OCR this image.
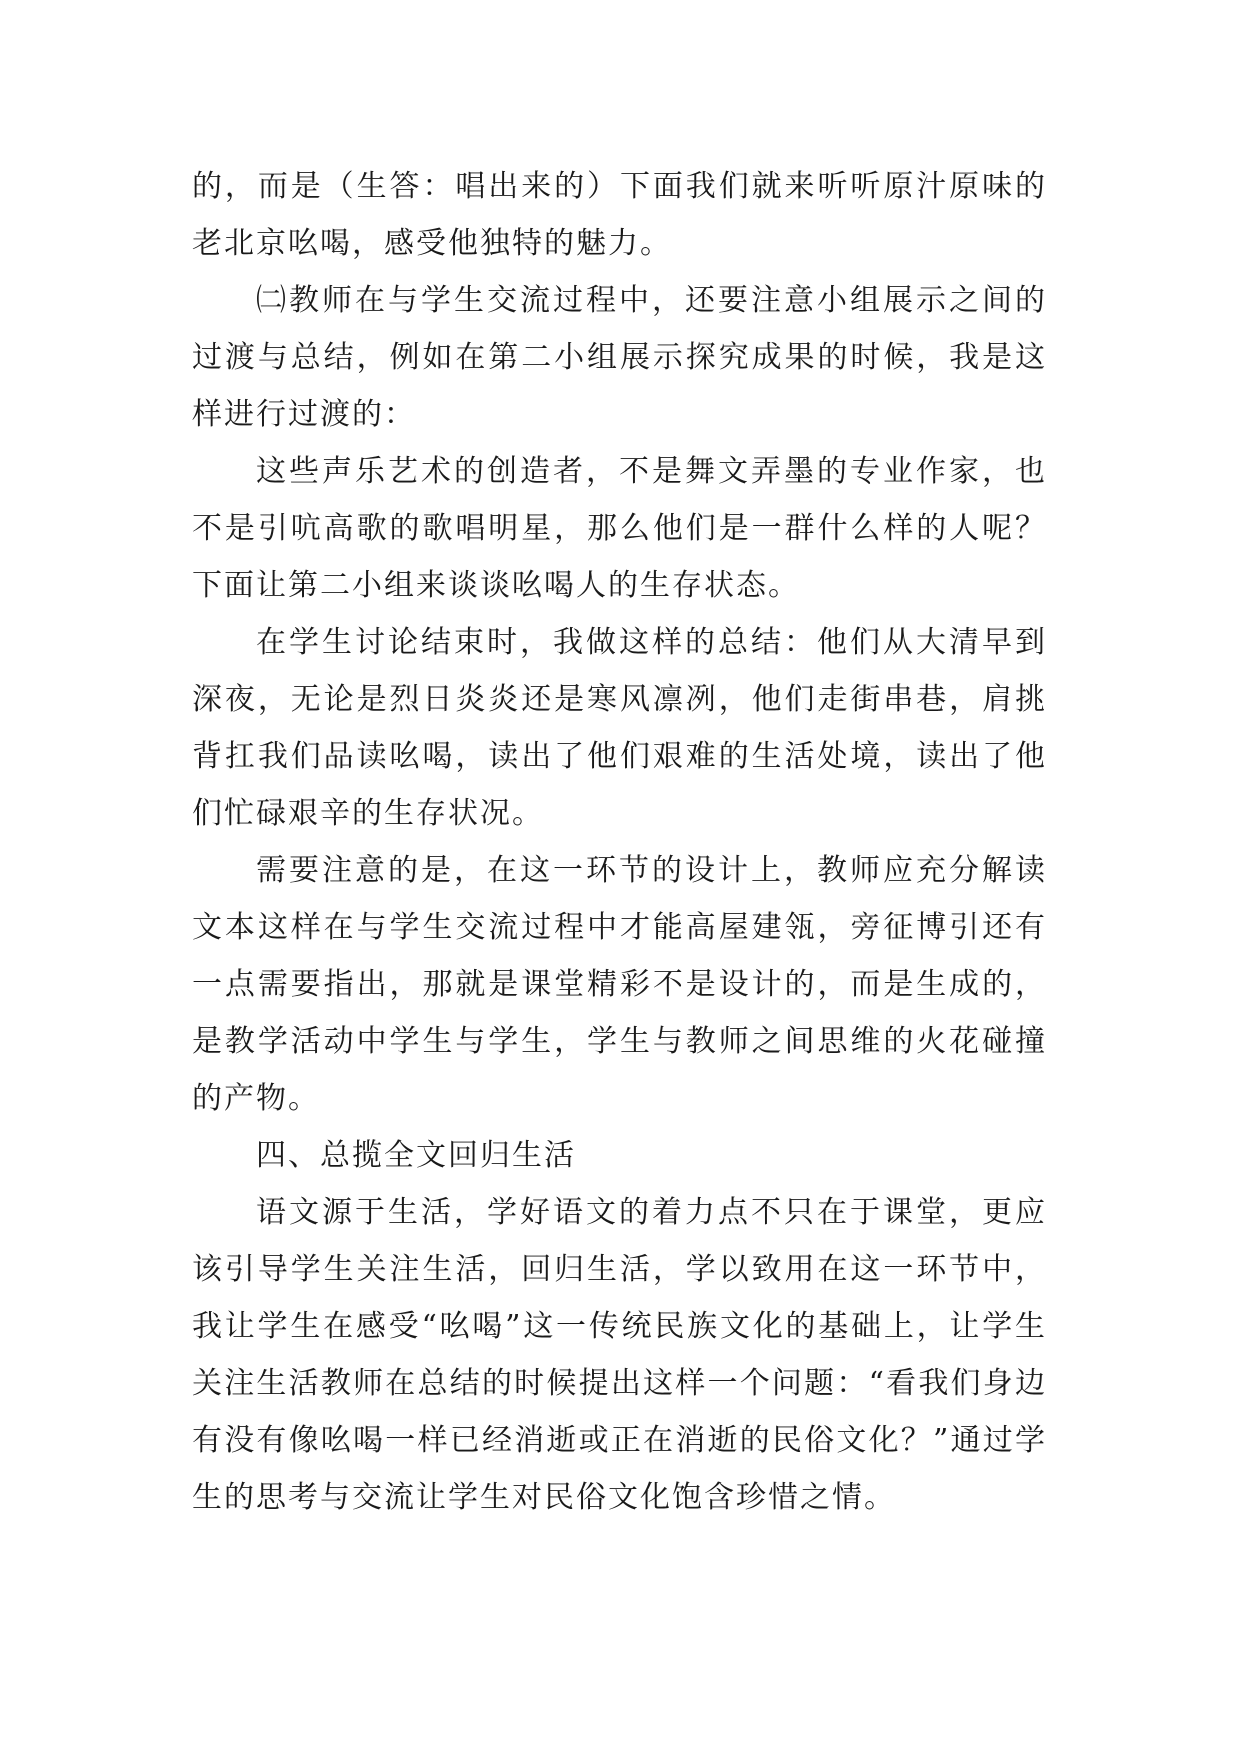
的，而是（生答：唱出来的）下面我们就来听听原汁原味的老北京吆喝，感受他独特的魅力。

㈡教师在与学生交流过程中，还要注意小组展示之间的过渡与总结，例如在第二小组展示探究成果的时候，我是这样进行过渡的：

这些声乐艺术的创造者，不是舞文弄墨的专业作家，也不是引吭高歌的歌唱明星，那么他们是一群什么样的人呢？下面让第二小组来谈谈吆喝人的生存状态。

在学生讨论结束时，我做这样的总结：他们从大清早到深夜，无论是烈日炎炎还是寒风凛冽，他们走街串巷，肩挑背扛我们品读吆喝，读出了他们艰难的生活处境，读出了他们忙碌艰辛的生存状况。

需要注意的是，在这一环节的设计上，教师应充分解读文本这样在与学生交流过程中才能高屋建瓴，旁征博引还有一点需要指出，那就是课堂精彩不是设计的，而是生成的，是教学活动中学生与学生，学生与教师之间思维的火花碰撞的产物。

四、总揽全文回归生活

语文源于生活，学好语文的着力点不只在于课堂，更应该引导学生关注生活，回归生活，学以致用在这一环节中，我让学生在感受“吆喝”这一传统民族文化的基础上，让学生关注生活教师在总结的时候提出这样一个问题：“看我们身边有没有像吆喝一样已经消逝或正在消逝的民俗文化？”通过学生的思考与交流让学生对民俗文化饱含珍惜之情。
